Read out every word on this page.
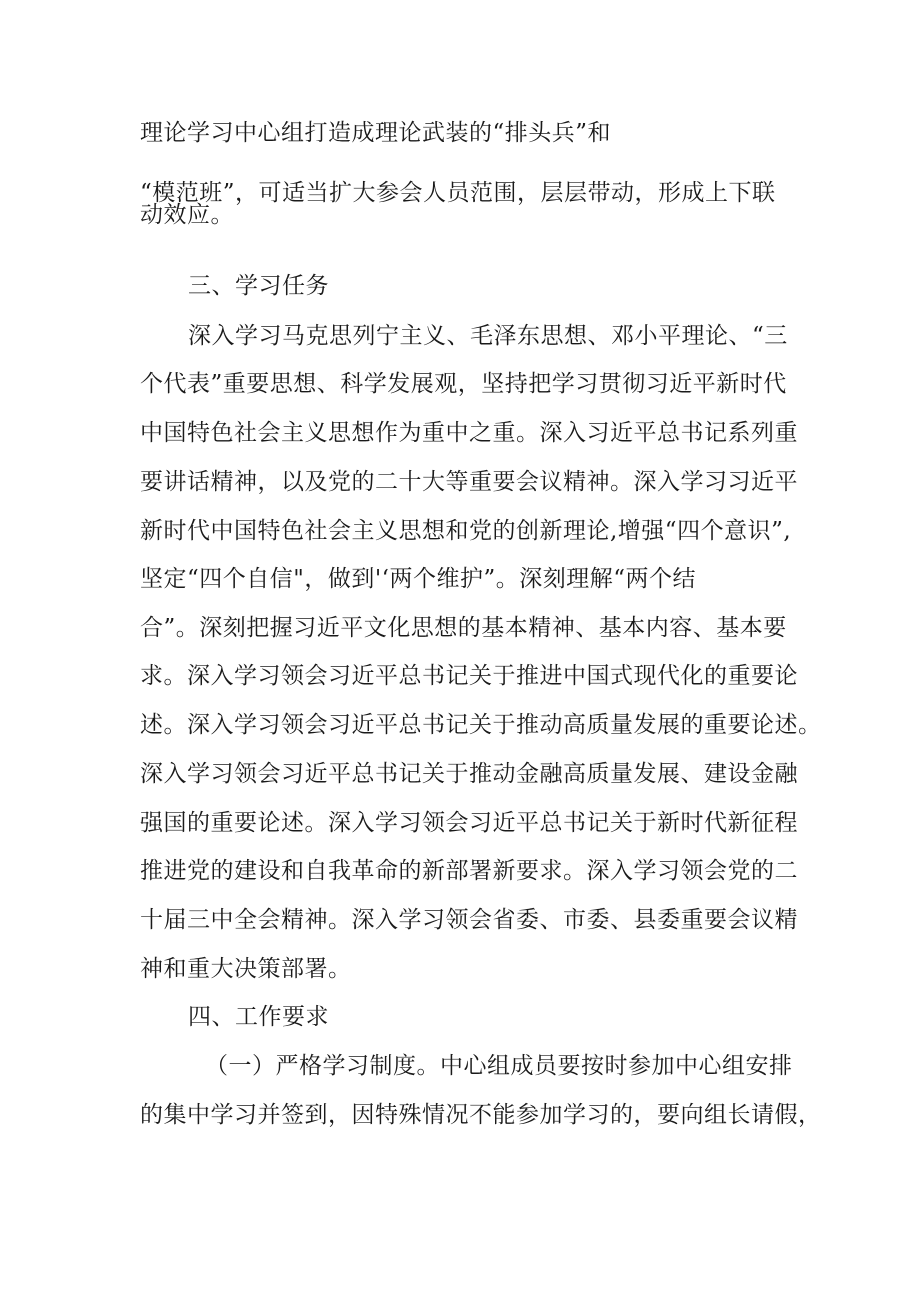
理论学习中心组打造成理论武装的“排头兵”和
“模范班”，可适当扩大参会人员范围，层层带动，形成上下联
动效应。
三、学习任务
深入学习马克思列宁主义、毛泽东思想、邓小平理论、“三
个代表”重要思想、科学发展观，坚持把学习贯彻习近平新时代
中国特色社会主义思想作为重中之重。深入习近平总书记系列重
要讲话精神，以及党的二十大等重要会议精神。深入学习习近平
新时代中国特色社会主义思想和党的创新理论,增强“四个意识”,
坚定“四个自信"，做到'‘两个维护”。深刻理解“两个结
合”。深刻把握习近平文化思想的基本精神、基本内容、基本要
求。深入学习领会习近平总书记关于推进中国式现代化的重要论
述。深入学习领会习近平总书记关于推动高质量发展的重要论述。
深入学习领会习近平总书记关于推动金融高质量发展、建设金融
强国的重要论述。深入学习领会习近平总书记关于新时代新征程
推进党的建设和自我革命的新部署新要求。深入学习领会党的二
十届三中全会精神。深入学习领会省委、市委、县委重要会议精
神和重大决策部署。
四、工作要求
（一）严格学习制度。中心组成员要按时参加中心组安排
的集中学习并签到，因特殊情况不能参加学习的，要向组长请假，
